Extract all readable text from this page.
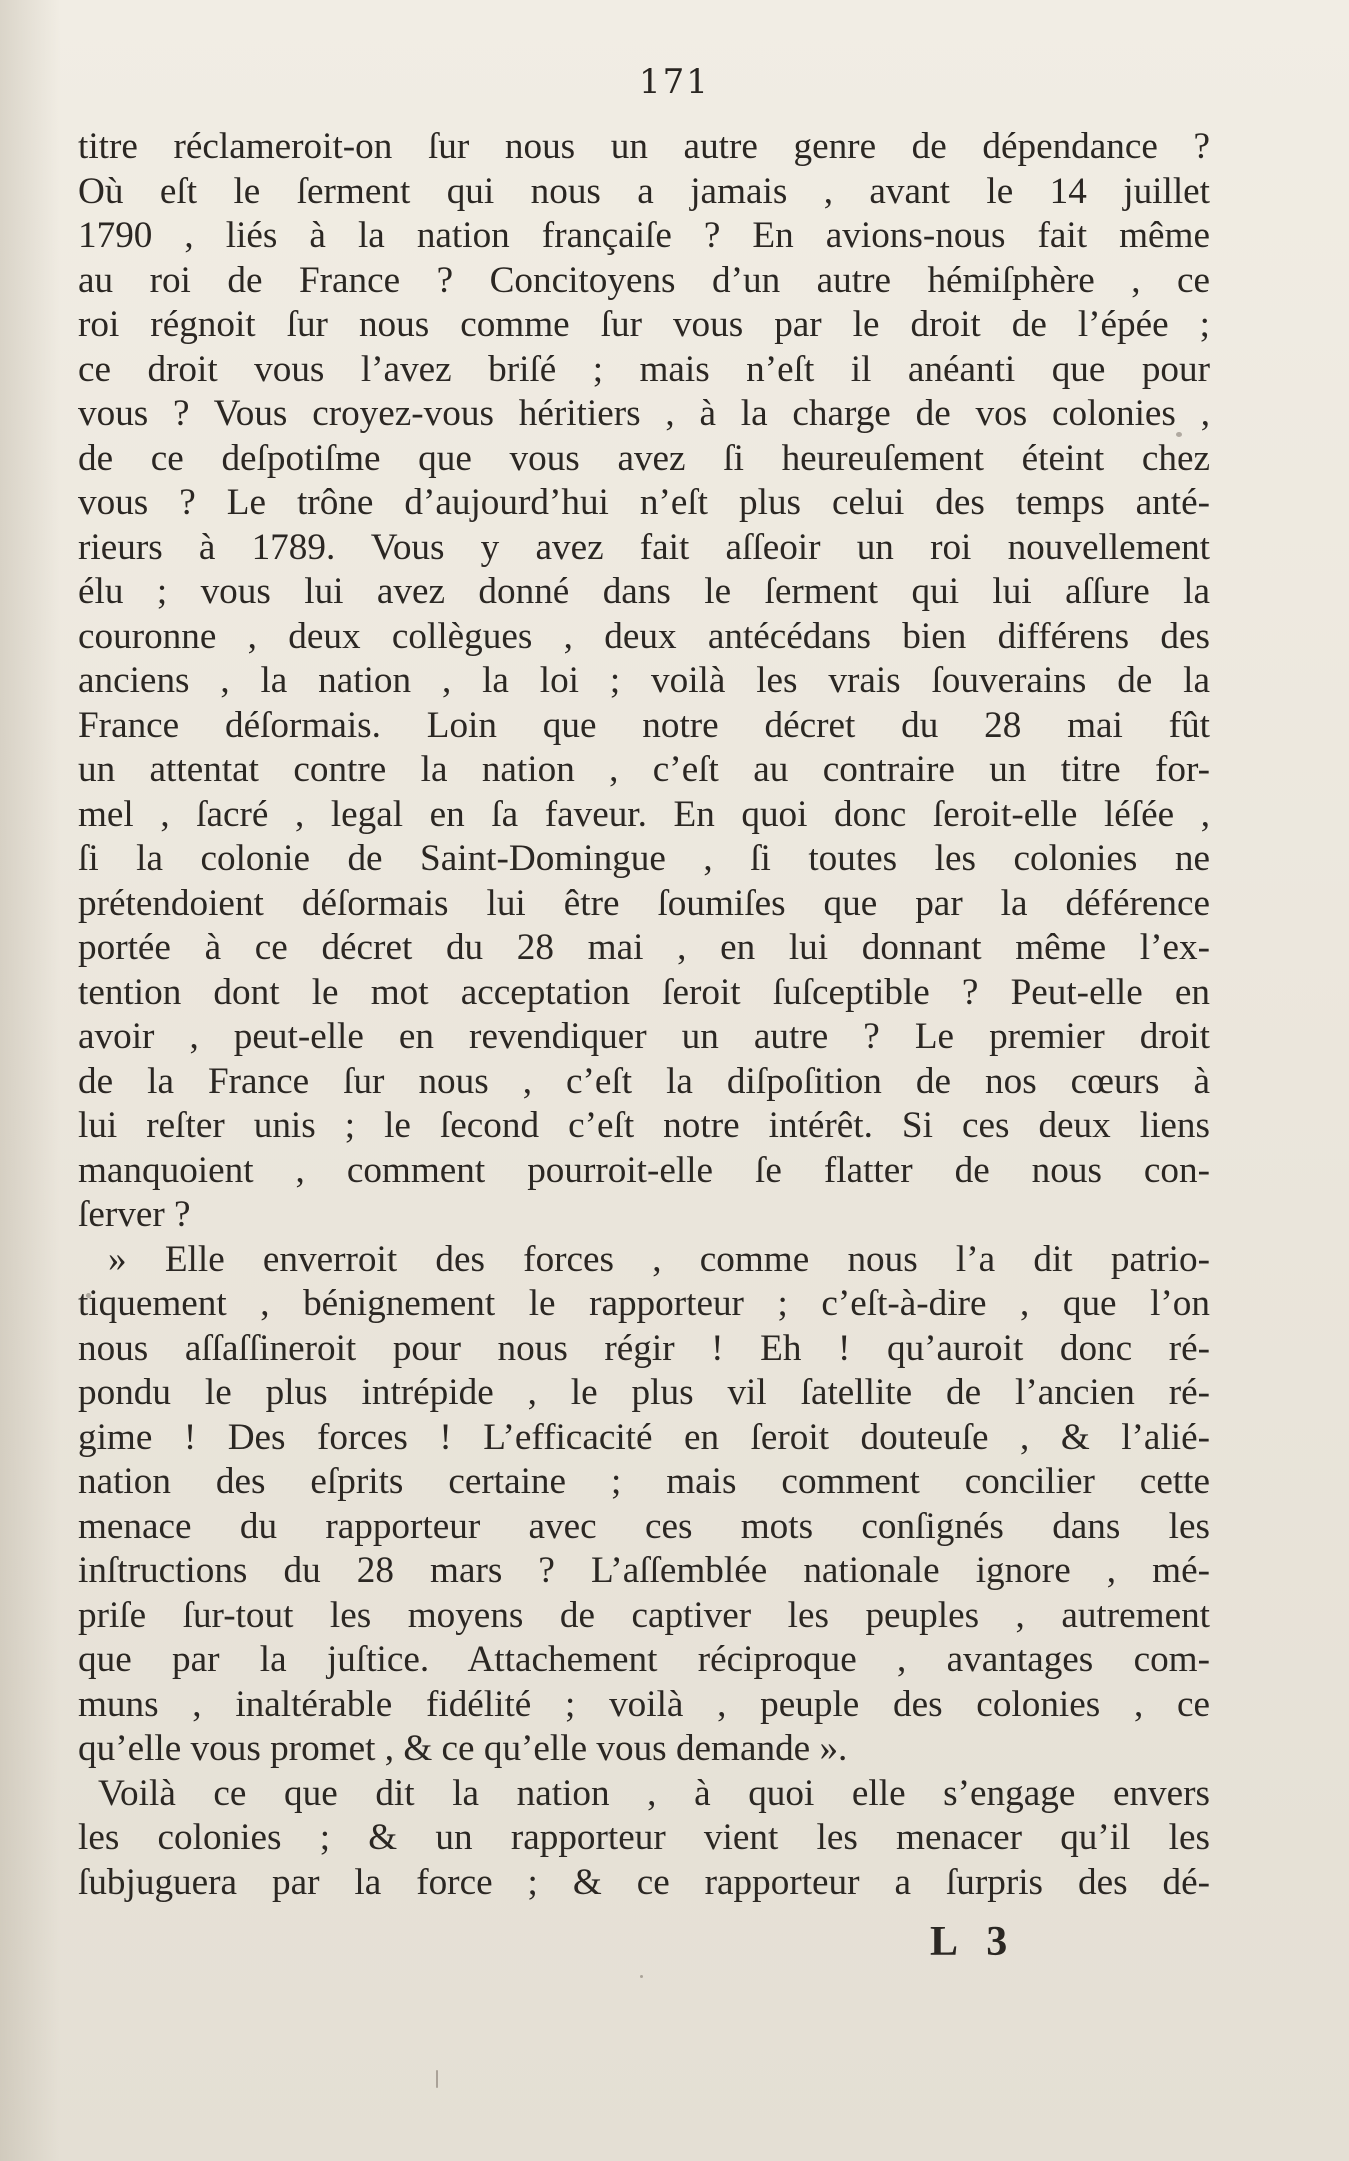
171
titre réclameroit-on ſur nous un autre genre de dépendance ?
Où eſt le ſerment qui nous a jamais , avant le 14 juillet
1790 , liés à la nation françaiſe ? En avions-nous fait même
au roi de France ? Concitoyens d’un autre hémiſphère , ce
roi régnoit ſur nous comme ſur vous par le droit de l’épée ;
ce droit vous l’avez briſé ; mais n’eſt il anéanti que pour
vous ? Vous croyez-vous héritiers , à la charge de vos colonies ,
de ce deſpotiſme que vous avez ſi heureuſement éteint chez
vous ? Le trône d’aujourd’hui n’eſt plus celui des temps anté-
rieurs à 1789. Vous y avez fait aſſeoir un roi nouvellement
élu ; vous lui avez donné dans le ſerment qui lui aſſure la
couronne , deux collègues , deux antécédans bien différens des
anciens , la nation , la loi ; voilà les vrais ſouverains de la
France déſormais. Loin que notre décret du 28 mai fût
un attentat contre la nation , c’eſt au contraire un titre for-
mel , ſacré , legal en ſa faveur. En quoi donc ſeroit-elle léſée ,
ſi la colonie de Saint-Domingue , ſi toutes les colonies ne
prétendoient déſormais lui être ſoumiſes que par la déférence
portée à ce décret du 28 mai , en lui donnant même l’ex-
tention dont le mot acceptation ſeroit ſuſceptible ? Peut-elle en
avoir , peut-elle en revendiquer un autre ? Le premier droit
de la France ſur nous , c’eſt la diſpoſition de nos cœurs à
lui reſter unis ; le ſecond c’eſt notre intérêt. Si ces deux liens
manquoient , comment pourroit-elle ſe flatter de nous con-
ſerver ?
» Elle enverroit des forces , comme nous l’a dit patrio-
tiquement , bénignement le rapporteur ; c’eſt-à-dire , que l’on
nous aſſaſſineroit pour nous régir ! Eh ! qu’auroit donc ré-
pondu le plus intrépide , le plus vil ſatellite de l’ancien ré-
gime ! Des forces ! L’efficacité en ſeroit douteuſe , & l’alié-
nation des eſprits certaine ; mais comment concilier cette
menace du rapporteur avec ces mots conſignés dans les
inſtructions du 28 mars ? L’aſſemblée nationale ignore , mé-
priſe ſur-tout les moyens de captiver les peuples , autrement
que par la juſtice. Attachement réciproque , avantages com-
muns , inaltérable fidélité ; voilà , peuple des colonies , ce
qu’elle vous promet , & ce qu’elle vous demande ».
Voilà ce que dit la nation , à quoi elle s’engage envers
les colonies ; & un rapporteur vient les menacer qu’il les
ſubjuguera par la force ; & ce rapporteur a ſurpris des dé-
L 3
